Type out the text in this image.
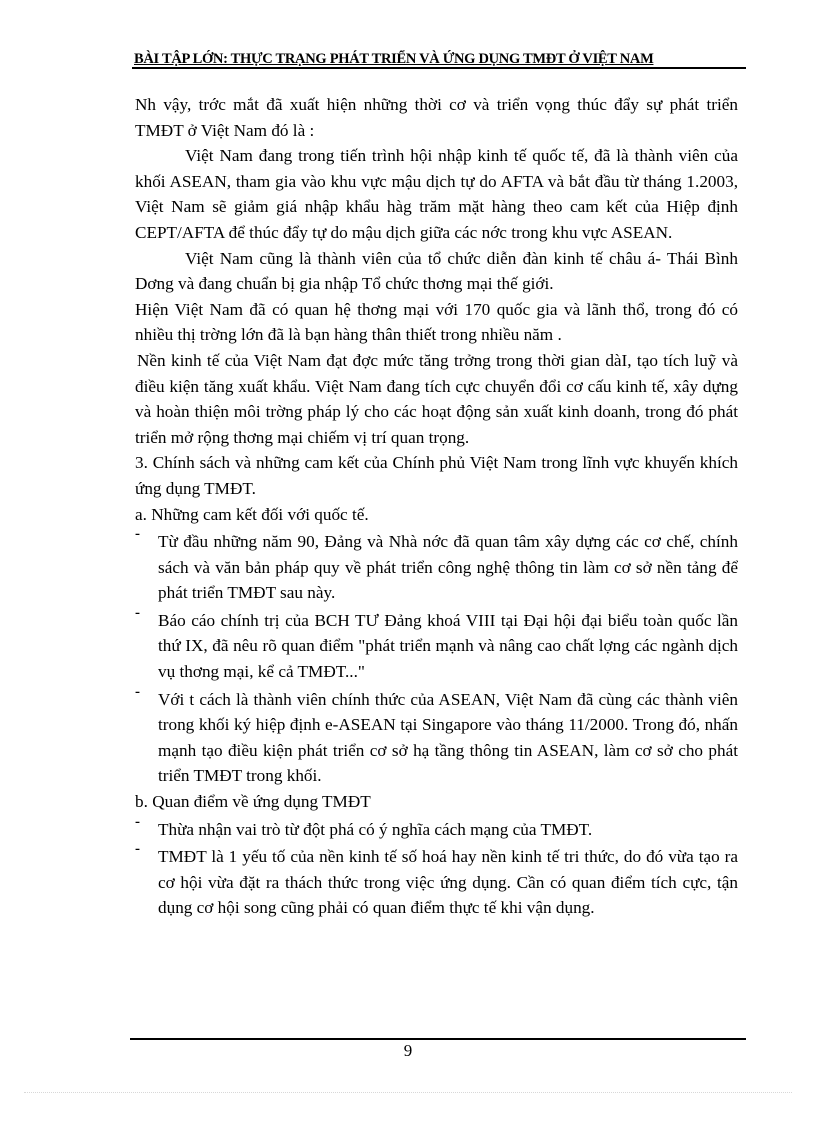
BÀI TẬP LỚN: THỰC TRẠNG PHÁT TRIỂN VÀ ỨNG DỤNG TMĐT Ở VIỆT NAM

Nh vậy, trớc mắt đã xuất hiện những thời cơ và triển vọng thúc đẩy sự phát triển TMĐT ở Việt Nam đó là :

Việt Nam đang trong tiến trình hội nhập kinh tế quốc tế, đã là thành viên của khối ASEAN, tham gia vào khu vực mậu dịch tự do AFTA và bắt đầu từ tháng 1.2003, Việt Nam sẽ giảm giá nhập khẩu hàg trăm mặt hàng theo cam kết của Hiệp định CEPT/AFTA để thúc đẩy tự do mậu dịch giữa các nớc trong khu vực ASEAN.

Việt Nam cũng là thành viên của tổ chức diễn đàn kinh tế châu á- Thái Bình Dơng và đang chuẩn bị gia nhập Tổ chức thơng mại thế giới.

Hiện Việt Nam đã có quan hệ thơng mại với 170 quốc gia và lãnh thổ, trong đó có nhiều thị trờng lớn đã là bạn hàng thân thiết trong nhiều năm .

Nền kinh tế của Việt Nam đạt đợc mức tăng trởng trong thời gian dàI, tạo tích luỹ và điều kiện tăng xuất khẩu. Việt Nam đang tích cực chuyển đổi cơ cấu kinh tế, xây dựng và hoàn thiện môi trờng pháp lý cho các hoạt động sản xuất kinh doanh, trong đó phát triển mở rộng thơng mại chiếm vị trí quan trọng.

3. Chính sách và những cam kết của Chính phủ Việt Nam trong lĩnh vực khuyến khích ứng dụng TMĐT.

a. Những cam kết đối với quốc tế.

- Từ đầu những năm 90, Đảng và Nhà nớc đã quan tâm xây dựng các cơ chế, chính sách và văn bản pháp quy về phát triển công nghệ thông tin làm cơ sở nền tảng để phát triển TMĐT sau này.
- Báo cáo chính trị của BCH TƯ Đảng khoá VIII tại Đại hội đại biểu toàn quốc lần thứ IX, đã nêu rõ quan điểm "phát triển mạnh và nâng cao chất lợng các ngành dịch vụ thơng mại, kể cả TMĐT..."
- Với t cách là thành viên chính thức của ASEAN, Việt Nam đã cùng các thành viên trong khối ký hiệp định e-ASEAN tại Singapore vào tháng 11/2000. Trong đó, nhấn mạnh tạo điều kiện phát triển cơ sở hạ tầng thông tin ASEAN, làm cơ sở cho phát triển TMĐT trong khối.

b. Quan điểm về ứng dụng TMĐT

- Thừa nhận vai trò từ đột phá có ý nghĩa cách mạng của TMĐT.
- TMĐT là 1 yếu tố của nền kinh tế số hoá hay nền kinh tế tri thức, do đó vừa tạo ra cơ hội vừa đặt ra thách thức trong việc ứng dụng. Cần có quan điểm tích cực, tận dụng cơ hội song cũng phải có quan điểm thực tế khi vận dụng.
9
